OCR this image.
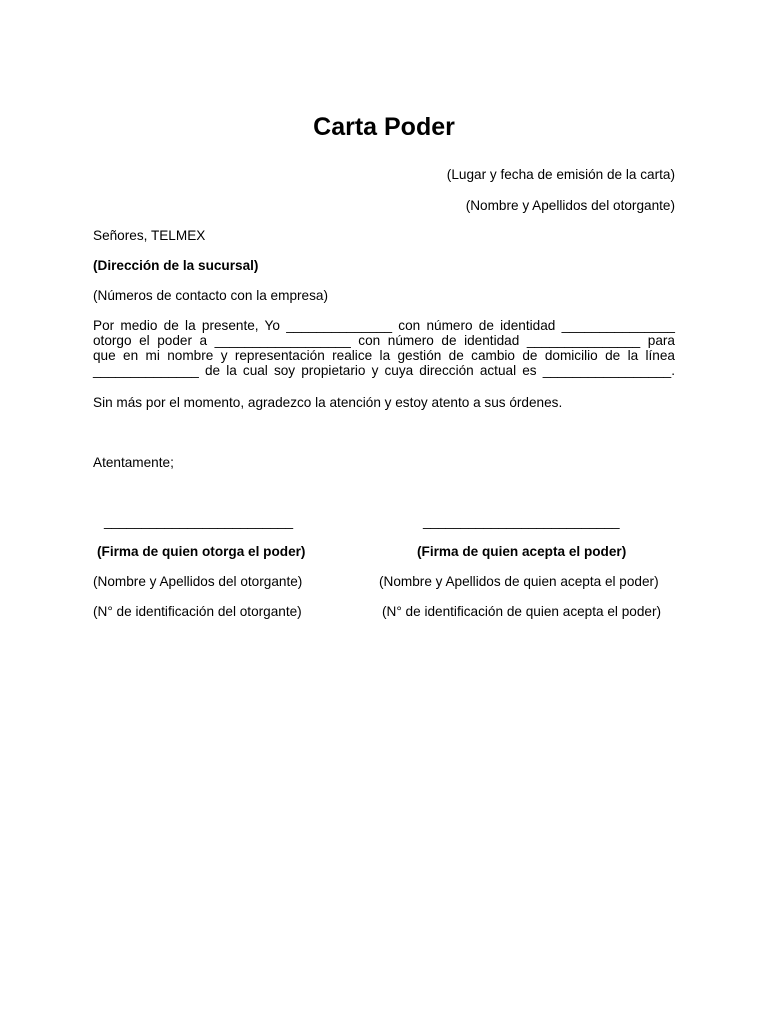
Carta Poder
(Lugar y fecha de emisión de la carta)
(Nombre y Apellidos del otorgante)
Señores, TELMEX
(Dirección de la sucursal)
(Números de contacto con la empresa)
Por medio de la presente, Yo ______________ con número de identidad _______________
otorgo el poder a __________________ con número de identidad _______________ para
que en mi nombre y representación realice la gestión de cambio de domicilio de la línea
______________ de la cual soy propietario y cuya dirección actual es _________________.
Sin más por el momento, agradezco la atención y estoy atento a sus órdenes.
Atentamente;
_________________________
(Firma de quien otorga el poder)
(Nombre y Apellidos del otorgante)
(N° de identificación del otorgante)
__________________________
(Firma de quien acepta el poder)
(Nombre y Apellidos de quien acepta el poder)
(N° de identificación de quien acepta el poder)
